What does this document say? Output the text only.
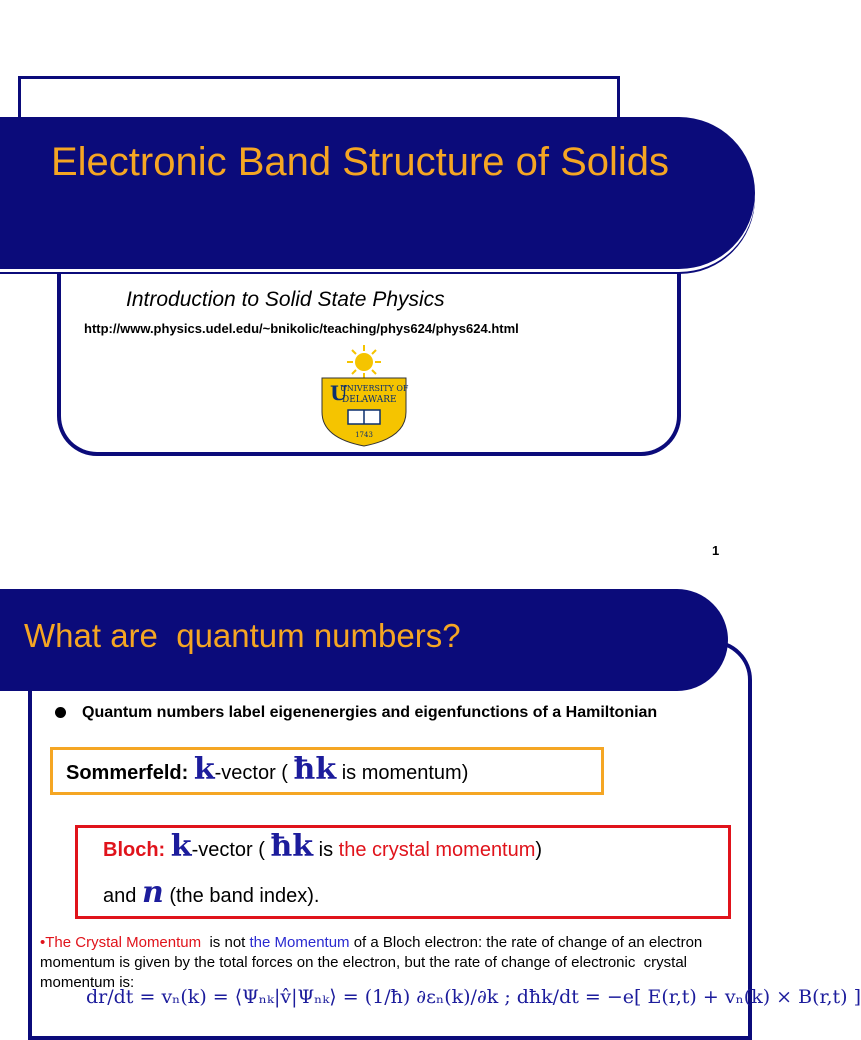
Electronic Band Structure of Solids
Introduction to Solid State Physics
http://www.physics.udel.edu/~bnikolic/teaching/phys624/phys624.html
U
UNIVERSITY OF
DELAWARE
1743
1
What are  quantum numbers?
Quantum numbers label eigenenergies and eigenfunctions of a Hamiltonian
Sommerfeld: k-vector ( ħk is momentum)
Bloch: k-vector ( ħk is the crystal momentum)
and n (the band index).
•The Crystal Momentum  is not the Momentum of a Bloch electron: the rate of change of an electron momentum is given by the total forces on the electron, but the rate of change of electronic  crystal momentum is:
dr/dt = vₙ(k) = ⟨Ψₙₖ|v̂|Ψₙₖ⟩ = (1/ħ) ∂εₙ(k)/∂k ; dħk/dt = −e[ E(r,t) + vₙ(k) × B(r,t) ]
